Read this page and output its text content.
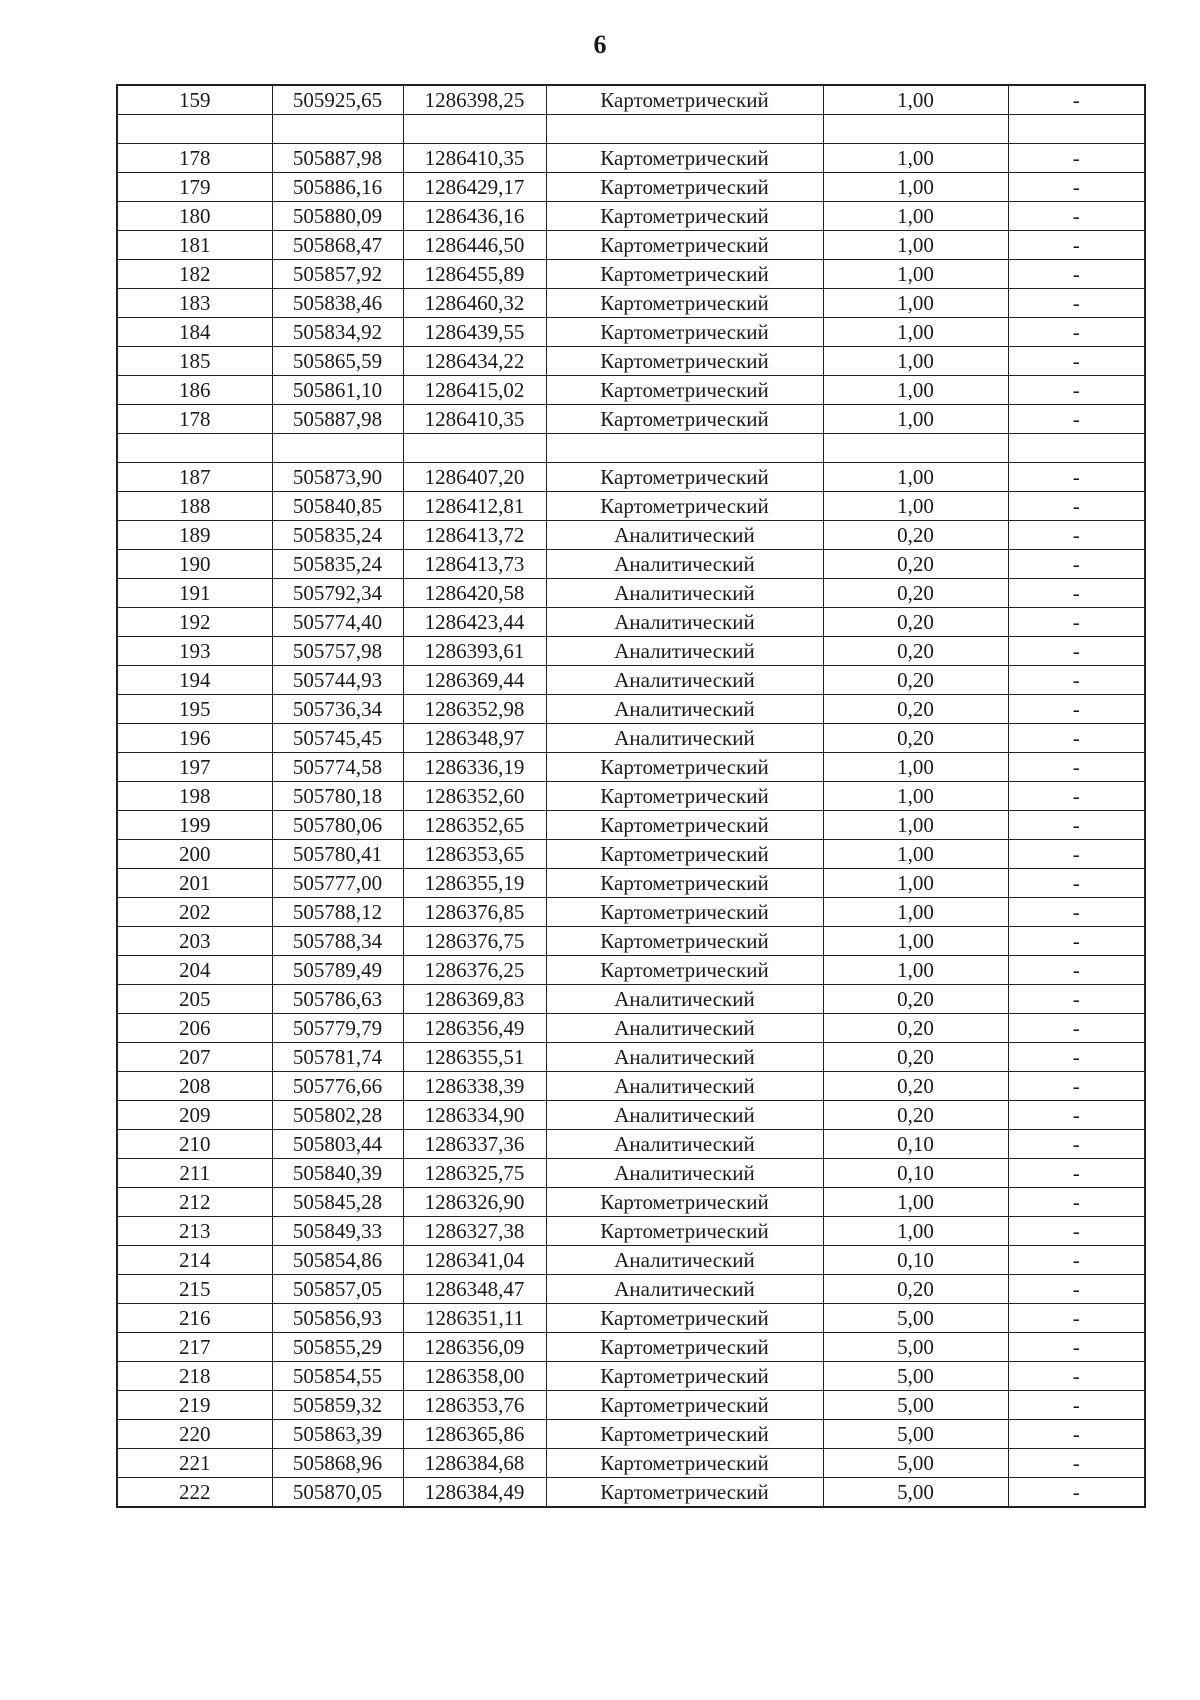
6
159	505925,65	1286398,25	Картометрический	1,00	-

178	505887,98	1286410,35	Картометрический	1,00	-
179	505886,16	1286429,17	Картометрический	1,00	-
180	505880,09	1286436,16	Картометрический	1,00	-
181	505868,47	1286446,50	Картометрический	1,00	-
182	505857,92	1286455,89	Картометрический	1,00	-
183	505838,46	1286460,32	Картометрический	1,00	-
184	505834,92	1286439,55	Картометрический	1,00	-
185	505865,59	1286434,22	Картометрический	1,00	-
186	505861,10	1286415,02	Картометрический	1,00	-
178	505887,98	1286410,35	Картометрический	1,00	-

187	505873,90	1286407,20	Картометрический	1,00	-
188	505840,85	1286412,81	Картометрический	1,00	-
189	505835,24	1286413,72	Аналитический	0,20	-
190	505835,24	1286413,73	Аналитический	0,20	-
191	505792,34	1286420,58	Аналитический	0,20	-
192	505774,40	1286423,44	Аналитический	0,20	-
193	505757,98	1286393,61	Аналитический	0,20	-
194	505744,93	1286369,44	Аналитический	0,20	-
195	505736,34	1286352,98	Аналитический	0,20	-
196	505745,45	1286348,97	Аналитический	0,20	-
197	505774,58	1286336,19	Картометрический	1,00	-
198	505780,18	1286352,60	Картометрический	1,00	-
199	505780,06	1286352,65	Картометрический	1,00	-
200	505780,41	1286353,65	Картометрический	1,00	-
201	505777,00	1286355,19	Картометрический	1,00	-
202	505788,12	1286376,85	Картометрический	1,00	-
203	505788,34	1286376,75	Картометрический	1,00	-
204	505789,49	1286376,25	Картометрический	1,00	-
205	505786,63	1286369,83	Аналитический	0,20	-
206	505779,79	1286356,49	Аналитический	0,20	-
207	505781,74	1286355,51	Аналитический	0,20	-
208	505776,66	1286338,39	Аналитический	0,20	-
209	505802,28	1286334,90	Аналитический	0,20	-
210	505803,44	1286337,36	Аналитический	0,10	-
211	505840,39	1286325,75	Аналитический	0,10	-
212	505845,28	1286326,90	Картометрический	1,00	-
213	505849,33	1286327,38	Картометрический	1,00	-
214	505854,86	1286341,04	Аналитический	0,10	-
215	505857,05	1286348,47	Аналитический	0,20	-
216	505856,93	1286351,11	Картометрический	5,00	-
217	505855,29	1286356,09	Картометрический	5,00	-
218	505854,55	1286358,00	Картометрический	5,00	-
219	505859,32	1286353,76	Картометрический	5,00	-
220	505863,39	1286365,86	Картометрический	5,00	-
221	505868,96	1286384,68	Картометрический	5,00	-
222	505870,05	1286384,49	Картометрический	5,00	-
